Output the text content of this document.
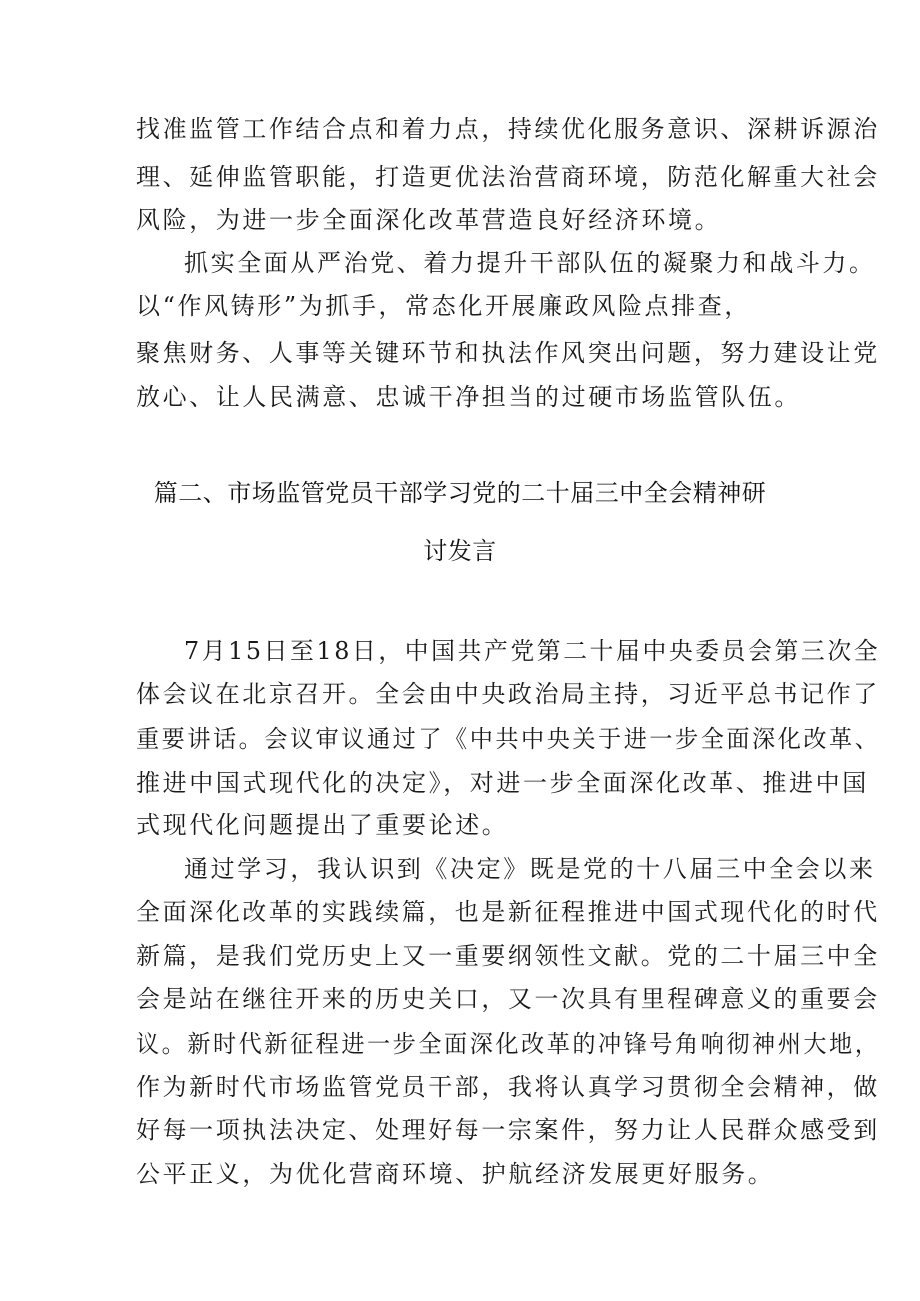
找准监管工作结合点和着力点，持续优化服务意识、深耕诉源治
理、延伸监管职能，打造更优法治营商环境，防范化解重大社会
风险，为进一步全面深化改革营造良好经济环境。
抓实全面从严治党、着力提升干部队伍的凝聚力和战斗力。
以“作风铸形”为抓手，常态化开展廉政风险点排查，
聚焦财务、人事等关键环节和执法作风突出问题，努力建设让党
放心、让人民满意、忠诚干净担当的过硬市场监管队伍。
篇二、市场监管党员干部学习党的二十届三中全会精神研
讨发言
7月15日至18日，中国共产党第二十届中央委员会第三次全
体会议在北京召开。全会由中央政治局主持，习近平总书记作了
重要讲话。会议审议通过了《中共中央关于进一步全面深化改革、
推进中国式现代化的决定》，对进一步全面深化改革、推进中国
式现代化问题提出了重要论述。
通过学习，我认识到《决定》既是党的十八届三中全会以来
全面深化改革的实践续篇，也是新征程推进中国式现代化的时代
新篇，是我们党历史上又一重要纲领性文献。党的二十届三中全
会是站在继往开来的历史关口，又一次具有里程碑意义的重要会
议。新时代新征程进一步全面深化改革的冲锋号角响彻神州大地，
作为新时代市场监管党员干部，我将认真学习贯彻全会精神，做
好每一项执法决定、处理好每一宗案件，努力让人民群众感受到
公平正义，为优化营商环境、护航经济发展更好服务。
